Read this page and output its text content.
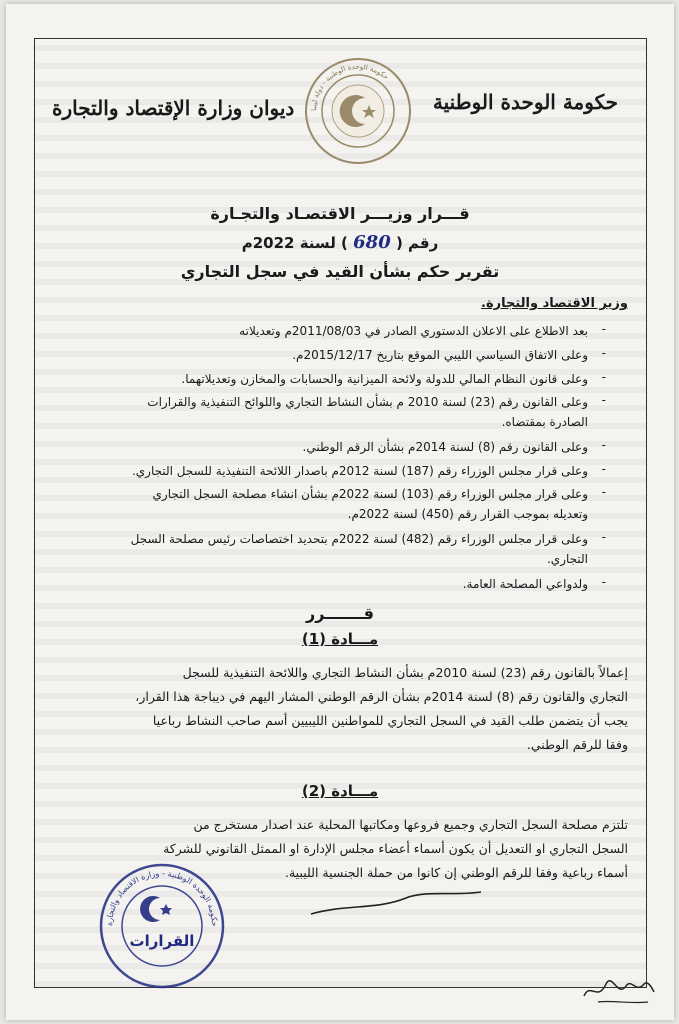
حكومة الوحدة الوطنية
ديوان وزارة الإقتصاد والتجارة حكومة الوحدة الوطنية - دولة ليبيا
قـــرار وزيـــر الاقتصـاد والتجـارة
رقم ( 680 ) لسنة 2022م
تقرير حكم بشأن القيد في سجل التجاري
وزير الاقتصاد والتجارة.
بعد الاطلاع على الاعلان الدستوري الصادر في 2011/08/03م وتعديلاته
وعلى الاتفاق السياسي الليبي الموقع بتاريخ 2015/12/17م.
وعلى قانون النظام المالي للدولة ولائحة الميزانية والحسابات والمخازن وتعديلاتهما.
وعلى القانون رقم (23) لسنة 2010 م بشأن النشاط التجاري واللوائح التنفيذية والقرارات
الصادرة بمقتضاه.
وعلى القانون رقم (8) لسنة 2014م بشأن الرقم الوطني.
وعلى قرار مجلس الوزراء رقم (187) لسنة 2012م باصدار اللائحة التنفيذية للسجل التجاري.
وعلى قرار مجلس الوزراء رقم (103) لسنة 2022م بشأن انشاء مصلحة السجل التجاري
وتعديله بموجب القرار رقم (450) لسنة 2022م.
وعلى قرار مجلس الوزراء رقم (482) لسنة 2022م بتحديد اختصاصات رئيس مصلحة السجل
التجاري.
ولدواعي المصلحة العامة.
-
-
-
-
-
-
-
-
-
قـــــــرر
مـــادة (1)
إعمالاً بالقانون رقم (23) لسنة 2010م بشأن النشاط التجاري واللائحة التنفيذية للسجل
التجاري والقانون رقم (8) لسنة 2014م بشأن الرقم الوطني المشار اليهم في ديباجة هذا القرار،
يجب أن يتضمن طلب القيد في السجل التجاري للمواطنين الليبيين أسم صاحب النشاط رباعيا
وفقا للرقم الوطني.
مـــادة (2)
تلتزم مصلحة السجل التجاري وجميع فروعها ومكاتبها المحلية عند اصدار مستخرج من
السجل التجاري او التعديل أن يكون أسماء أعضاء مجلس الإدارة او الممثل القانوني للشركة
أسماء رباعية وفقا للرقم الوطني إن كانوا من حملة الجنسية الليبية.
حكومة الوحدة الوطنية - وزارة الاقتصاد والتجارة
القرارات
